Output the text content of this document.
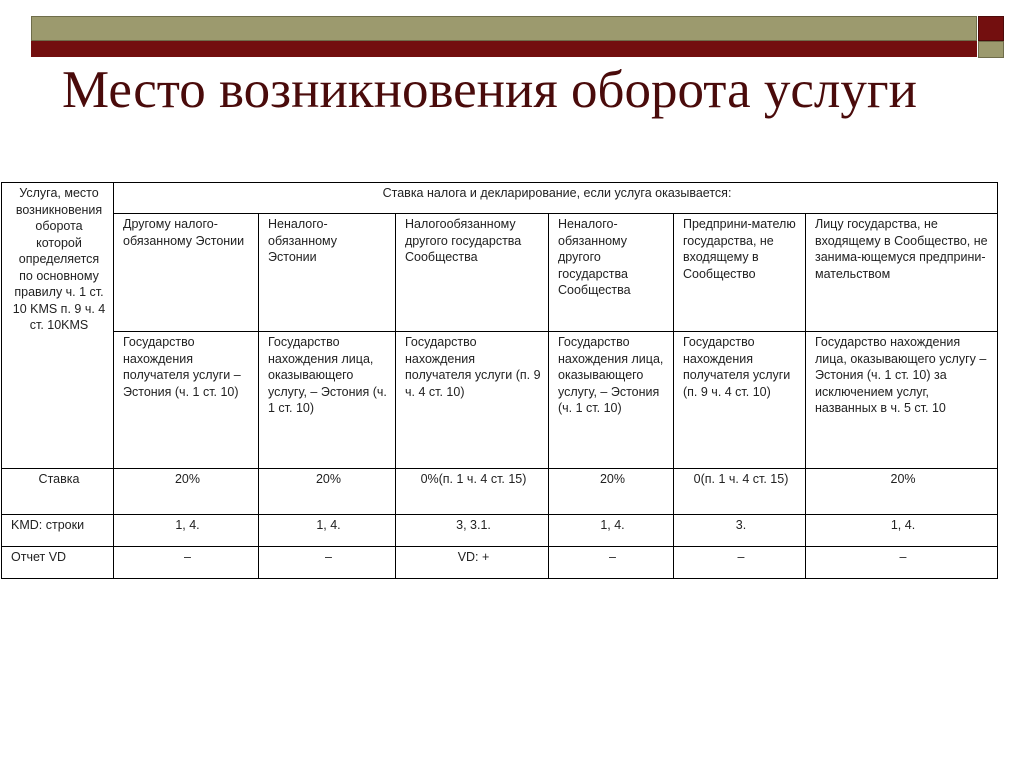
Место возникновения оборота услуги
Услуга, место возникновения оборота которой определяется по основному правилу ч. 1 ст. 10 KMS п. 9 ч. 4 ст. 10KMS	Ставка налога и декларирование, если услуга оказывается:					
	Другому налого-обязанному Эстонии	Неналого-обязанному Эстонии	Налогообязанному другого государства Сообщества	Неналого-обязанному другого государства Сообщества	Предприни-мателю государства, не входящему в Сообщество	Лицу государства, не входящему в Сообщество, не занима-ющемуся предприни-мательством
	Государство нахождения получателя услуги – Эстония (ч. 1 ст. 10)	Государство нахождения лица, оказывающего услугу, – Эстония (ч. 1 ст. 10)	Государство нахождения получателя услуги (п. 9 ч. 4 ст. 10)	Государство нахождения лица, оказывающего услугу, – Эстония (ч. 1 ст. 10)	Государство нахождения получателя услуги (п. 9 ч. 4 ст. 10)	Государство нахождения лица, оказывающего услугу – Эстония (ч. 1 ст. 10) за исключением услуг, названных в ч. 5 ст. 10
Ставка	20%	20%	0%(п. 1 ч. 4 ст. 15)	20%	0(п. 1 ч. 4 ст. 15)	20%
KMD: строки	1, 4.	1, 4.	3, 3.1.	1, 4.	3.	1, 4.
Отчет VD	–	–	VD: +	–	–	–
